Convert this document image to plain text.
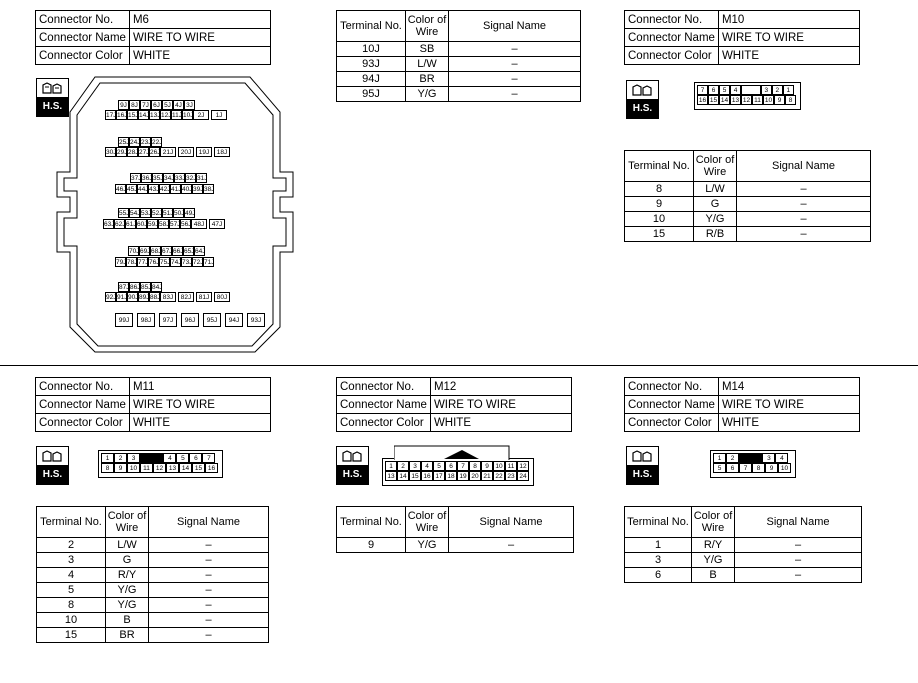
Connector No.	M6
Connector Name	WIRE TO WIRE
Connector Color	WHITE
H.S.	9J 8J 7J 6J 5J 4J 3J
17J 16J 15J 14J 13J 12J 11J 10J 2J	1J
25J 24J 23J 22J
30J 29J 28J 27J 26J 21J	20J	19J	18J
37J 36J 35J 34J 33J 32J 31J
46J 45J 44J 43J 42J 41J 40J 39J 38J
55J 54J 53J 52J 51J 50J 49J
63J 62J 61J 60J 59J 58J 57J 56J 48J	47J
70J 69J 68J 67J 66J 65J 64J
79J 78J 77J 76J 75J 74J 73J 72J 71J
87J 86J 85J 84J
92J 91J 90J 89J 88J 83J	82J	81J	80J
99J	98J	97J	96J	95J	94J	93J
Terminal No.	Color of Wire	Signal Name
10J	SB	–
93J	L/W	–
94J	BR	–
95J	Y/G	–
Connector No.	M10
Connector Name	WIRE TO WIRE
Connector Color	WHITE
H.S.
7	6	5	4	3	2	1
16 15 14 13 12 11 10 9	8
Terminal No.	Color of Wire	Signal Name
8	L/W	–
9	G	–
10	Y/G	–
15	R/B	–
Connector No.	M11
Connector Name	WIRE TO WIRE
Connector Color	WHITE
H.S.
1	2	3	4	5	6	7
8	9	10 11 12 13 14 15 16
Terminal No.	Color of Wire	Signal Name
2	L/W	–
3	G	–
4	R/Y	–
5	Y/G	–
8	Y/G	–
10	B	–
15	BR	–
Connector No.	M12
Connector Name	WIRE TO WIRE
Connector Color	WHITE
H.S.
1	2	3	4	5	6	7	8	9	10 11 12
13 14 15 16 17 18 19 20 21 22 23 24
Terminal No.	Color of Wire	Signal Name
9	Y/G	–
Connector No.	M14
Connector Name	WIRE TO WIRE
Connector Color	WHITE
H.S.
1	2	3	4
5	6	7	8	9	10
Terminal No.	Color of Wire	Signal Name
1	R/Y	–
3	Y/G	–
6	B	–
